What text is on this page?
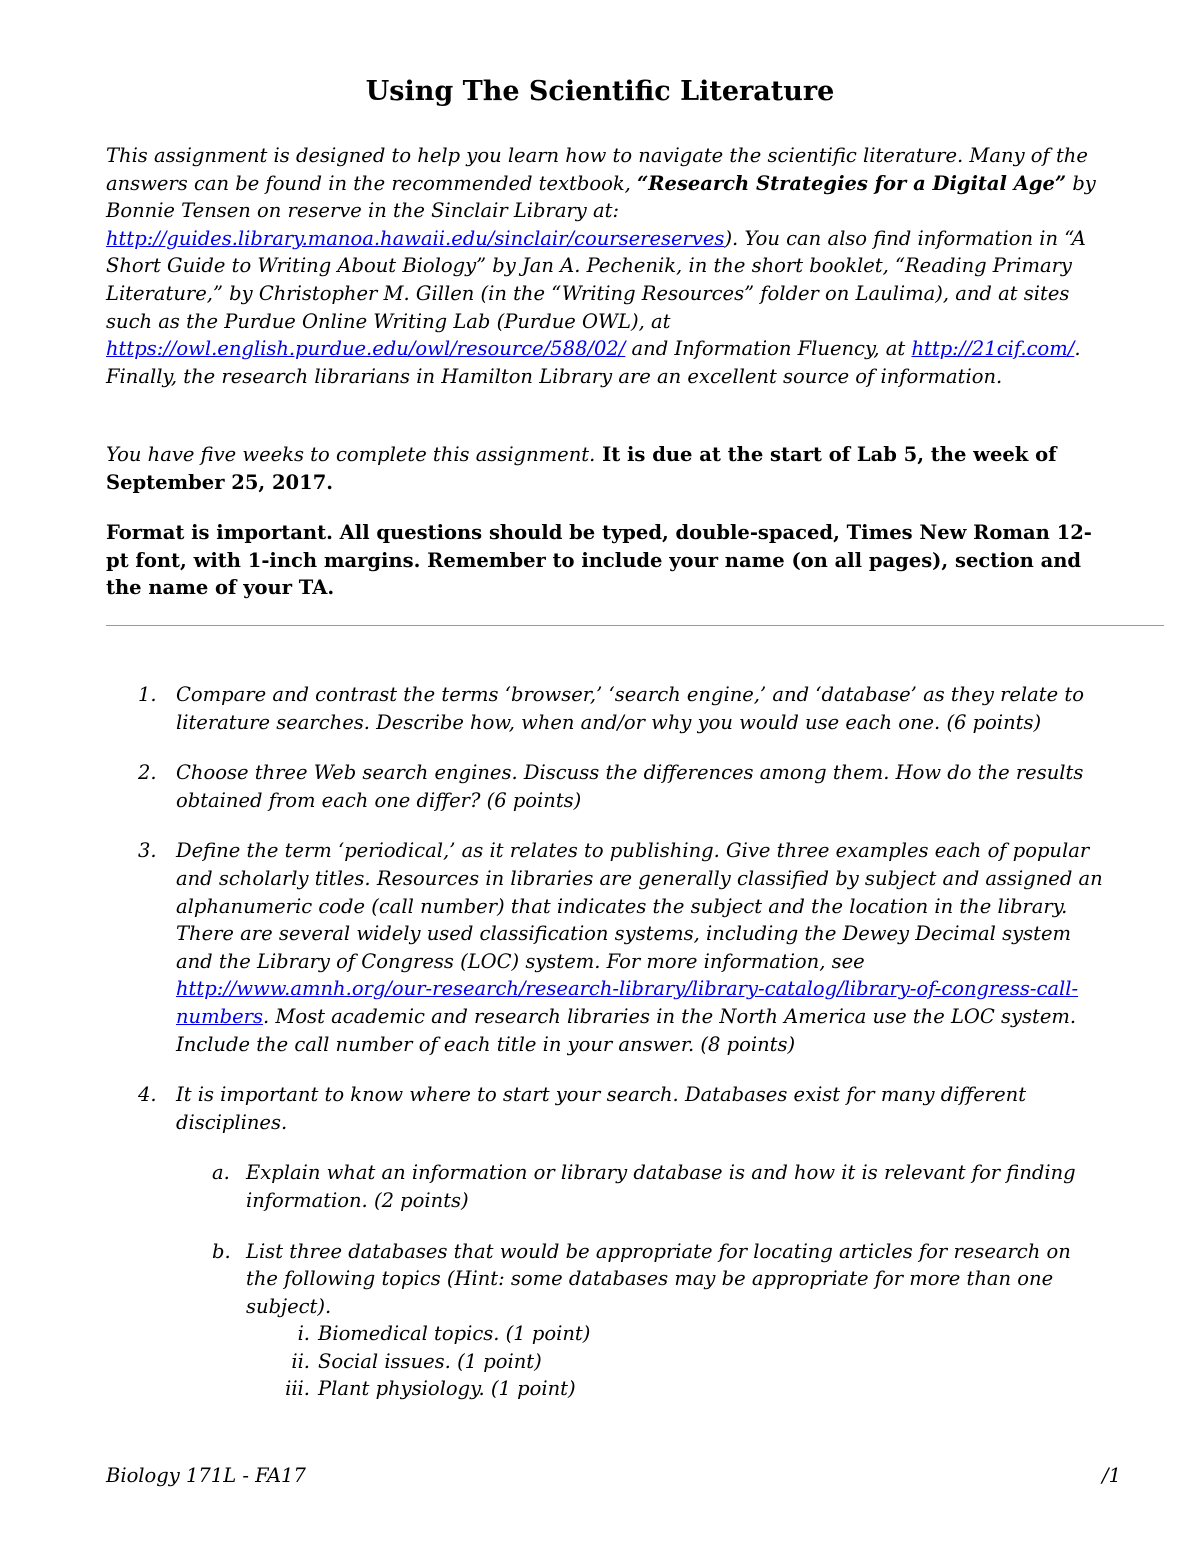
Using The Scientific Literature
This assignment is designed to help you learn how to navigate the scientific literature. Many of the answers can be found in the recommended textbook, “Research Strategies for a Digital Age” by Bonnie Tensen on reserve in the Sinclair Library at: http://guides.library.manoa.hawaii.edu/sinclair/coursereserves). You can also find information in “A Short Guide to Writing About Biology” by Jan A. Pechenik, in the short booklet, “Reading Primary Literature,” by Christopher M. Gillen (in the “Writing Resources” folder on Laulima), and at sites such as the Purdue Online Writing Lab (Purdue OWL), at https://owl.english.purdue.edu/owl/resource/588/02/ and Information Fluency, at http://21cif.com/. Finally, the research librarians in Hamilton Library are an excellent source of information.
You have five weeks to complete this assignment. It is due at the start of Lab 5, the week of September 25, 2017.
Format is important. All questions should be typed, double-spaced, Times New Roman 12-pt font, with 1-inch margins. Remember to include your name (on all pages), section and the name of your TA.
1. Compare and contrast the terms ‘browser,’ ‘search engine,’ and ‘database’ as they relate to literature searches. Describe how, when and/or why you would use each one. (6 points)
2. Choose three Web search engines. Discuss the differences among them. How do the results obtained from each one differ? (6 points)
3. Define the term ‘periodical,’ as it relates to publishing. Give three examples each of popular and scholarly titles. Resources in libraries are generally classified by subject and assigned an alphanumeric code (call number) that indicates the subject and the location in the library. There are several widely used classification systems, including the Dewey Decimal system and the Library of Congress (LOC) system. For more information, see http://www.amnh.org/our-research/research-library/library-catalog/library-of-congress-call-numbers. Most academic and research libraries in the North America use the LOC system. Include the call number of each title in your answer. (8 points)
4. It is important to know where to start your search. Databases exist for many different disciplines.
a. Explain what an information or library database is and how it is relevant for finding information. (2 points)
b. List three databases that would be appropriate for locating articles for research on the following topics (Hint: some databases may be appropriate for more than one subject).
i. Biomedical topics. (1 point)
ii. Social issues. (1 point)
iii. Plant physiology. (1 point)
Biology 171L - FA17	/1
